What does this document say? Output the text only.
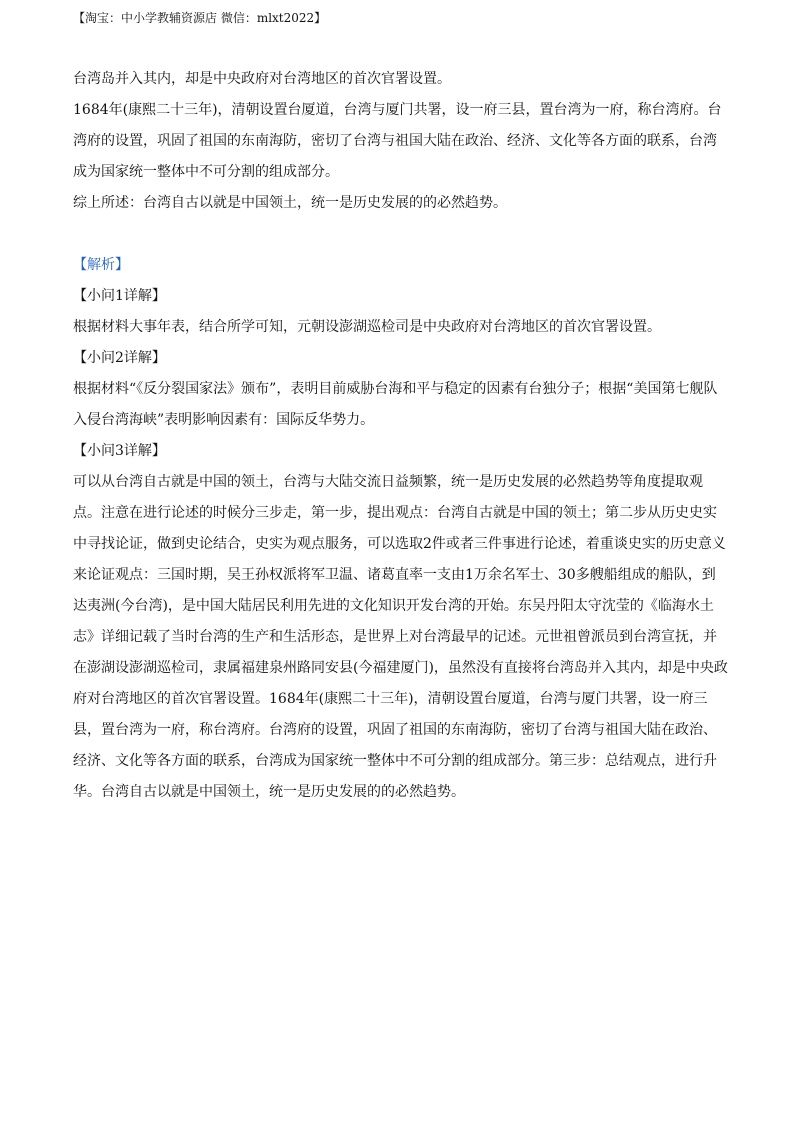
【淘宝：中小学教辅资源店 微信：mlxt2022】

台湾岛并入其内，却是中央政府对台湾地区的首次官署设置。

1684年(康熙二十三年)，清朝设置台厦道，台湾与厦门共署，设一府三县，置台湾为一府，称台湾府。台湾府的设置，巩固了祖国的东南海防，密切了台湾与祖国大陆在政治、经济、文化等各方面的联系，台湾成为国家统一整体中不可分割的组成部分。

综上所述：台湾自古以就是中国领土，统一是历史发展的的必然趋势。

【解析】

【小问1详解】

根据材料大事年表，结合所学可知，元朝设澎湖巡检司是中央政府对台湾地区的首次官署设置。

【小问2详解】

根据材料“《反分裂国家法》颁布”，表明目前威胁台海和平与稳定的因素有台独分子；根据“美国第七舰队入侵台湾海峡”表明影响因素有：国际反华势力。

【小问3详解】

可以从台湾自古就是中国的领土，台湾与大陆交流日益频繁，统一是历史发展的必然趋势等角度提取观点。注意在进行论述的时候分三步走，第一步，提出观点：台湾自古就是中国的领土；第二步从历史史实中寻找论证，做到史论结合，史实为观点服务，可以选取2件或者三件事进行论述，着重谈史实的历史意义来论证观点：三国时期，吴王孙权派将军卫温、诸葛直率一支由1万余名军士、30多艘船组成的船队，到达夷洲(今台湾)，是中国大陆居民利用先进的文化知识开发台湾的开始。东吴丹阳太守沈莹的《临海水土志》详细记载了当时台湾的生产和生活形态，是世界上对台湾最早的记述。元世祖曾派员到台湾宣抚，并在澎湖设澎湖巡检司，隶属福建泉州路同安县(今福建厦门)，虽然没有直接将台湾岛并入其内，却是中央政府对台湾地区的首次官署设置。1684年(康熙二十三年)，清朝设置台厦道，台湾与厦门共署，设一府三县，置台湾为一府，称台湾府。台湾府的设置，巩固了祖国的东南海防，密切了台湾与祖国大陆在政治、经济、文化等各方面的联系，台湾成为国家统一整体中不可分割的组成部分。第三步：总结观点，进行升华。台湾自古以就是中国领土，统一是历史发展的的必然趋势。
